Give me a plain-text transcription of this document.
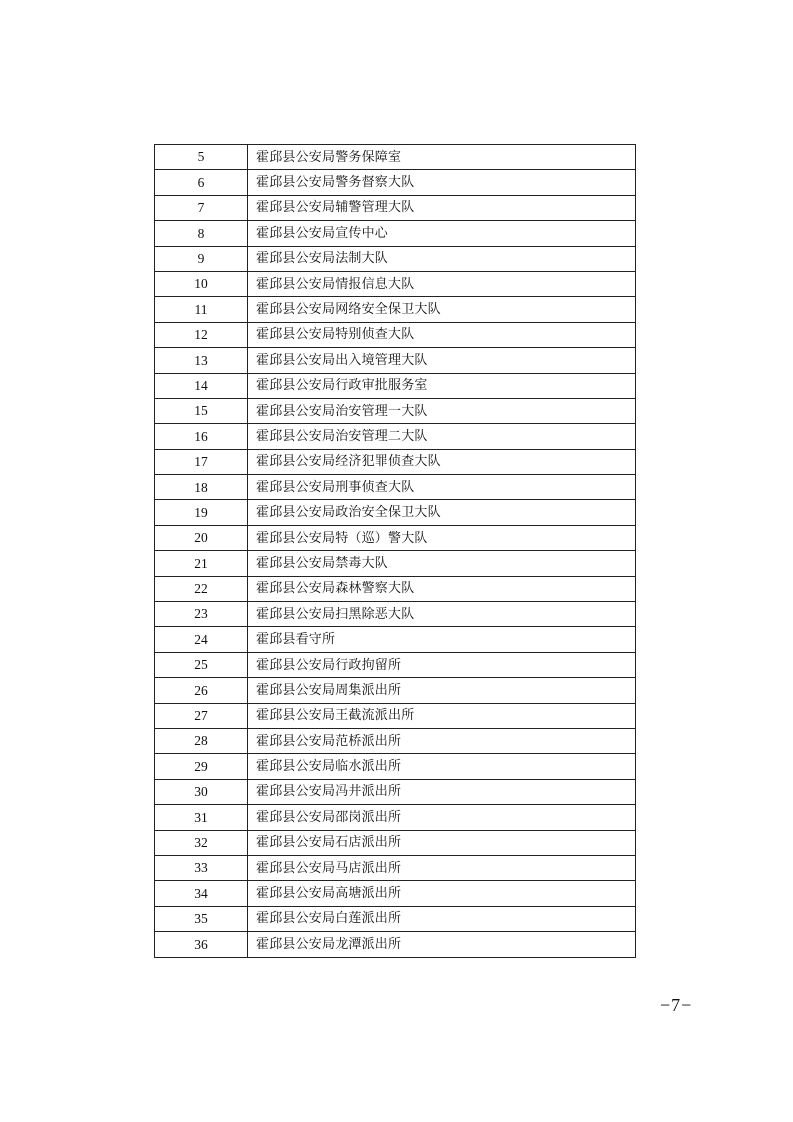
5	霍邱县公安局警务保障室
6	霍邱县公安局警务督察大队
7	霍邱县公安局辅警管理大队
8	霍邱县公安局宣传中心
9	霍邱县公安局法制大队
10	霍邱县公安局情报信息大队
11	霍邱县公安局网络安全保卫大队
12	霍邱县公安局特别侦查大队
13	霍邱县公安局出入境管理大队
14	霍邱县公安局行政审批服务室
15	霍邱县公安局治安管理一大队
16	霍邱县公安局治安管理二大队
17	霍邱县公安局经济犯罪侦查大队
18	霍邱县公安局刑事侦查大队
19	霍邱县公安局政治安全保卫大队
20	霍邱县公安局特（巡）警大队
21	霍邱县公安局禁毒大队
22	霍邱县公安局森林警察大队
23	霍邱县公安局扫黑除恶大队
24	霍邱县看守所
25	霍邱县公安局行政拘留所
26	霍邱县公安局周集派出所
27	霍邱县公安局王截流派出所
28	霍邱县公安局范桥派出所
29	霍邱县公安局临水派出所
30	霍邱县公安局冯井派出所
31	霍邱县公安局邵岗派出所
32	霍邱县公安局石店派出所
33	霍邱县公安局马店派出所
34	霍邱县公安局高塘派出所
35	霍邱县公安局白莲派出所
36	霍邱县公安局龙潭派出所
−7−
